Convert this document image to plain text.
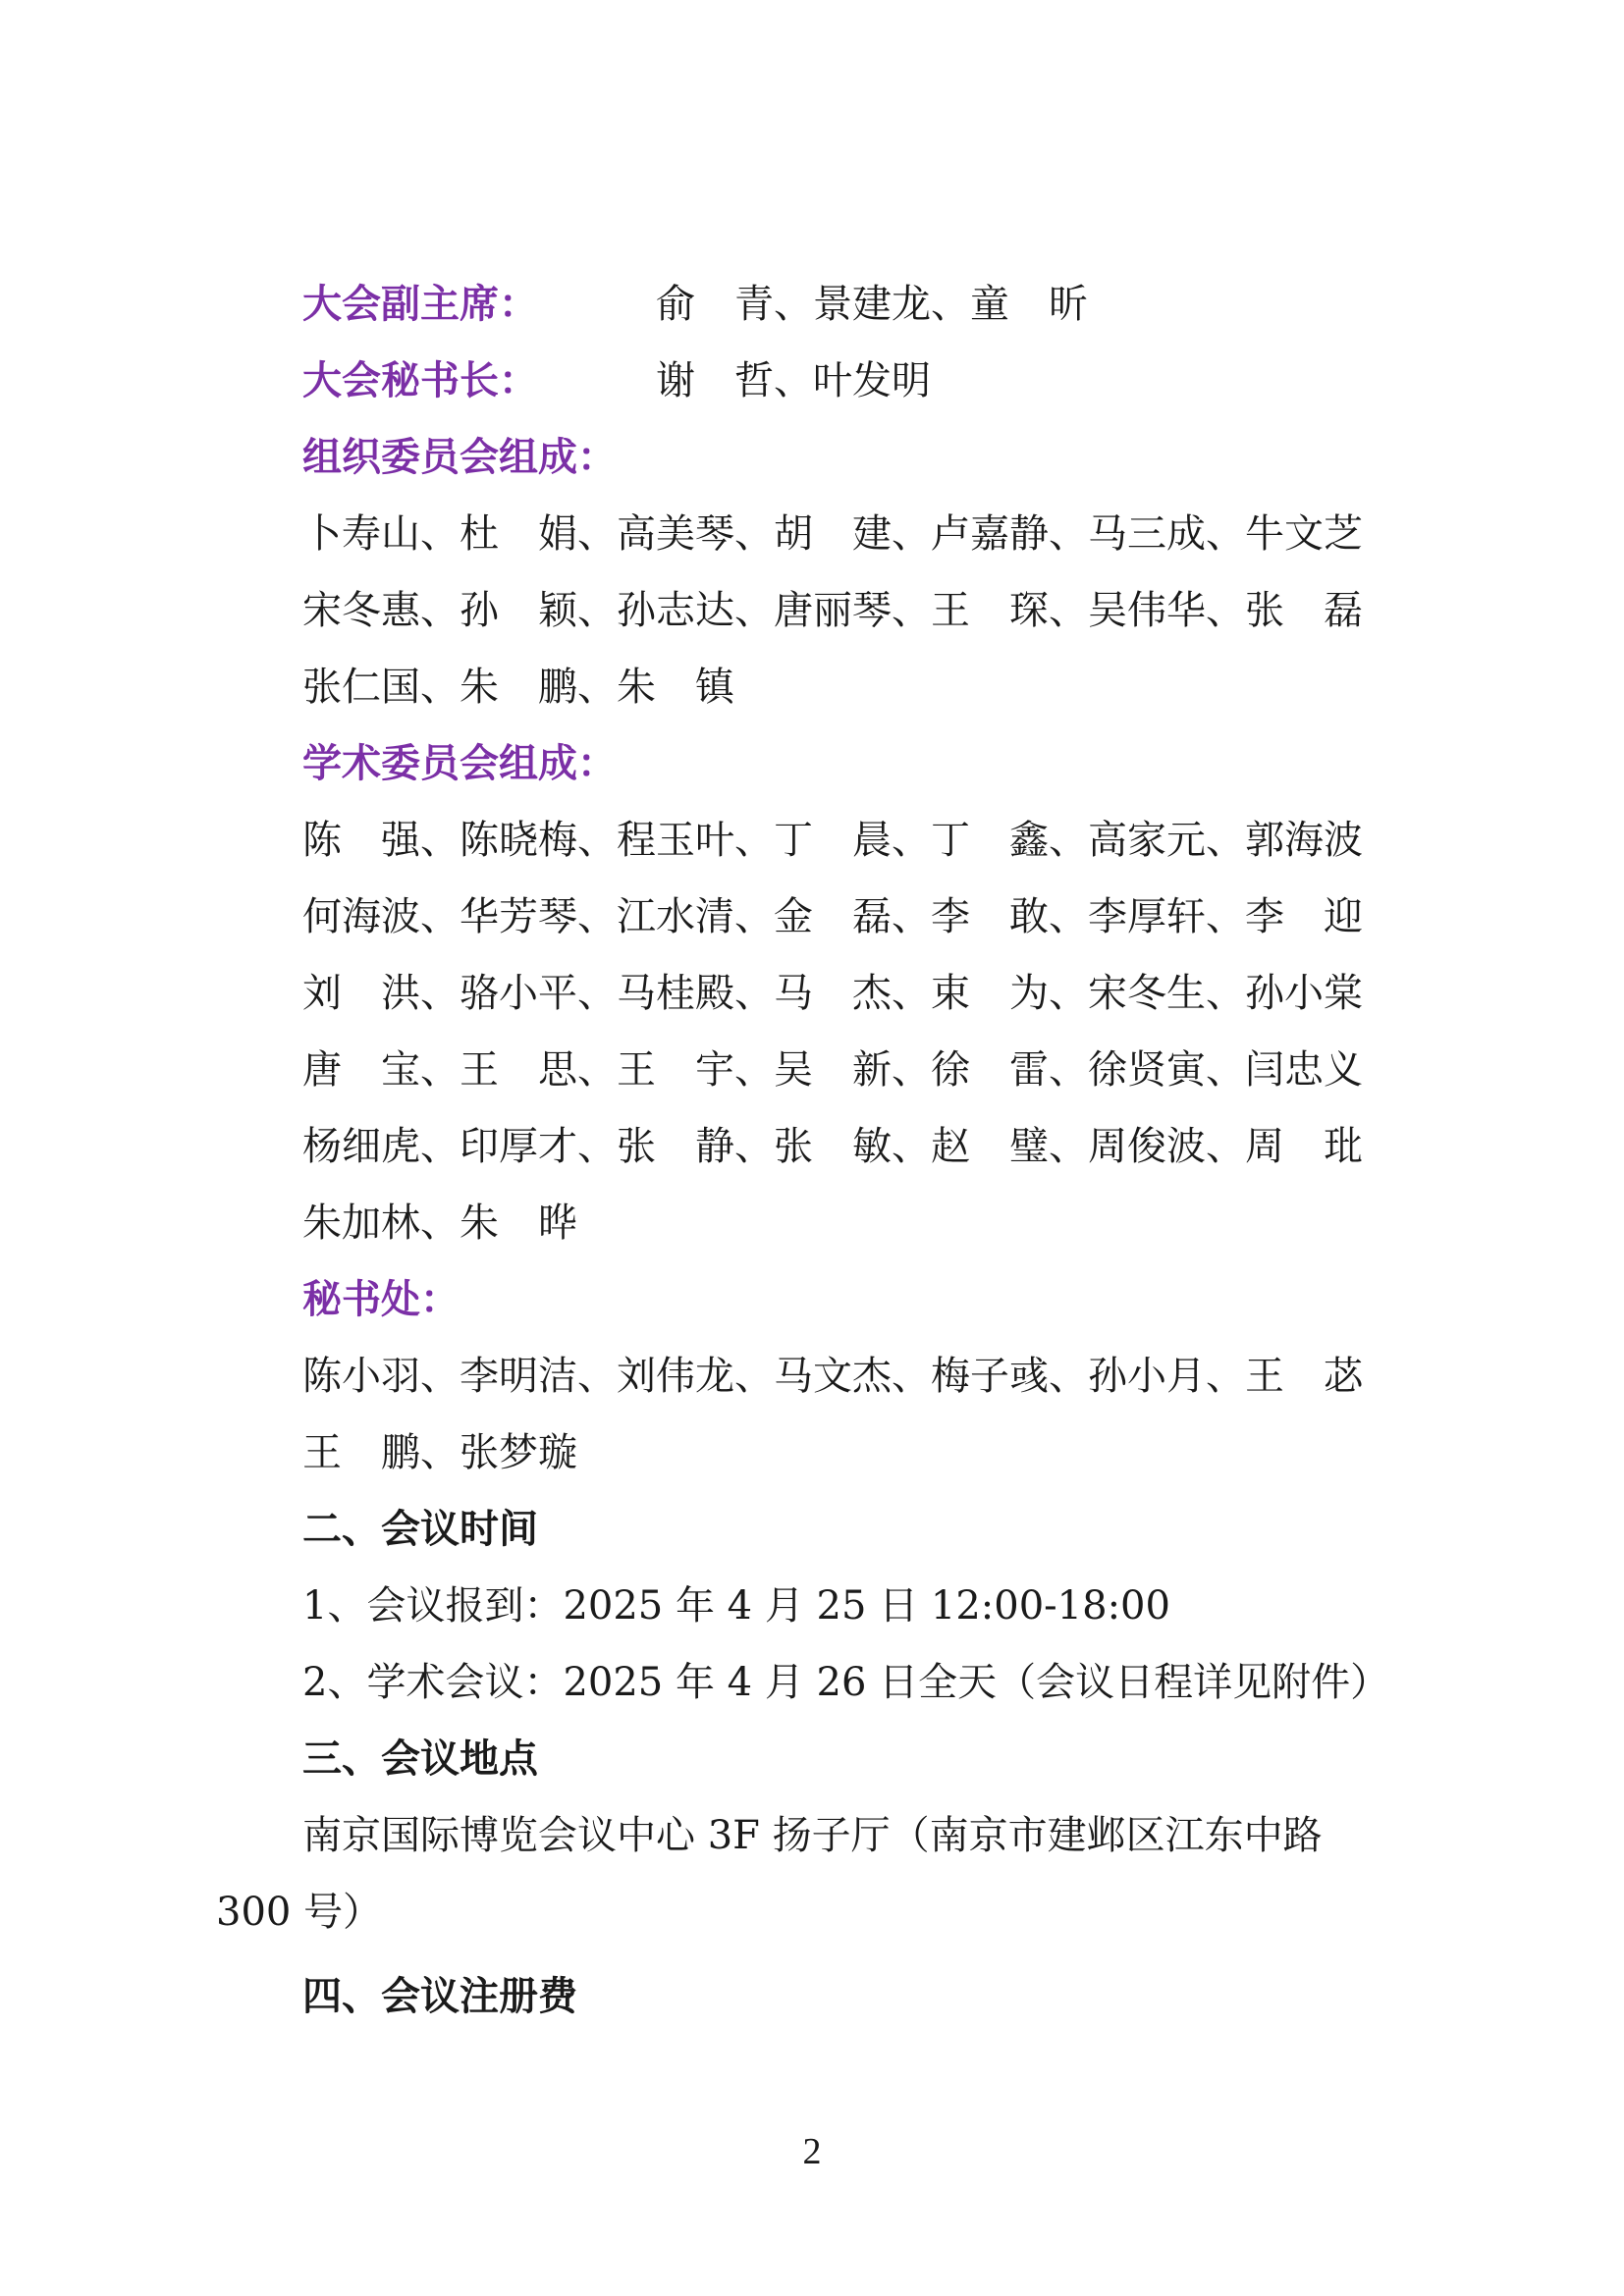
大会副主席：	俞　青、景建龙、童　昕
大会秘书长：	谢　哲、叶发明
组织委员会组成：
卜寿山、杜　娟、高美琴、胡　建、卢嘉静、马三成、牛文芝
宋冬惠、孙　颖、孙志达、唐丽琴、王　琛、吴伟华、张　磊
张仁国、朱　鹏、朱　镇
学术委员会组成：
陈　强、陈晓梅、程玉叶、丁　晨、丁　鑫、高家元、郭海波
何海波、华芳琴、江水清、金　磊、李　敢、李厚轩、李　迎
刘　洪、骆小平、马桂殿、马　杰、束　为、宋冬生、孙小棠
唐　宝、王　思、王　宇、吴　新、徐　雷、徐贤寅、闫忠义
杨细虎、印厚才、张　静、张　敏、赵　璧、周俊波、周　玭
朱加林、朱　晔
秘书处：
陈小羽、李明洁、刘伟龙、马文杰、梅子彧、孙小月、王　苾
王　鹏、张梦璇
二、会议时间
1、会议报到：2025 年 4 月 25 日 12:00-18:00
2、学术会议：2025 年 4 月 26 日全天（会议日程详见附件）
三、会议地点
南京国际博览会议中心 3F 扬子厅（南京市建邺区江东中路
300 号）
四、会议注册费
2
